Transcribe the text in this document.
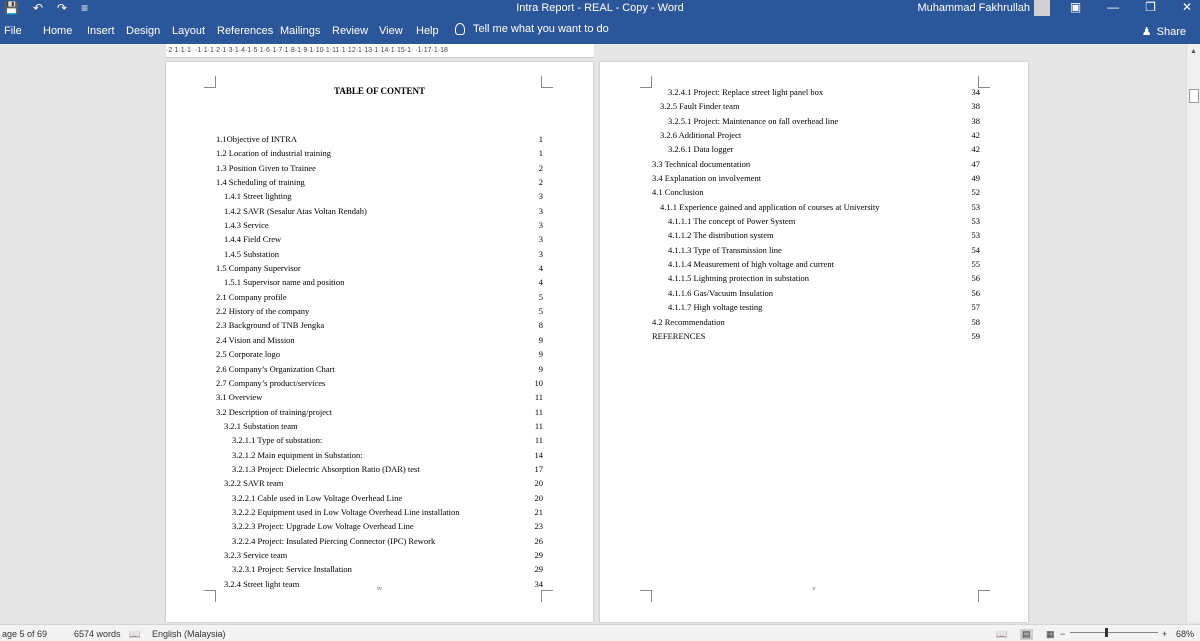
💾 ↶ ↷ ≡	Intra Report - REAL - Copy - Word	Muhammad Fakhrullah	▣ — ❐ ✕
File Home Insert Design Layout References Mailings Review View Help	Tell me what you want to do	♟ Share
·2·1·1·1· ·1·1·1·2·1·3·1·4·1·5·1·6·1·7·1·8·1·9·1·10·1·11·1·12·1·13·1·14·1·15·1· ·1·17·1·18
TABLE OF CONTENT
1.1Objective of INTRA	1
1.2 Location of industrial training	1
1.3 Position Given to Trainee	2
1.4 Scheduling of training	2
1.4.1 Street lighting	3
1.4.2 SAVR (Sesalur Atas Voltan Rendah)	3
1.4.3 Service	3
1.4.4 Field Crew	3
1.4.5 Substation	3
1.5 Company Supervisor	4
1.5.1 Supervisor name and position	4
2.1 Company profile	5
2.2 History of the company	5
2.3 Background of TNB Jengka	8
2.4 Vision and Mission	9
2.5 Corporate logo	9
2.6 Company’s Organization Chart	9
2.7 Company’s product/services	10
3.1 Overview	11
3.2 Description of training/project	11
3.2.1 Substation team	11
3.2.1.1 Type of substation:	11
3.2.1.2 Main equipment in Substation:	14
3.2.1.3 Project: Dielectric Absorption Ratio (DAR) test	17
3.2.2 SAVR team	20
3.2.2.1 Cable used in Low Voltage Overhead Line	20
3.2.2.2 Equipment used in Low Voltage Overhead Line installation	21
3.2.2.3 Project: Upgrade Low Voltage Overhead Line	23
3.2.2.4 Project: Insulated Piercing Connector (IPC) Rework	26
3.2.3 Service team	29
3.2.3.1 Project: Service Installation	29
3.2.4 Street light team	34
iv
3.2.4.1 Project: Replace street light panel box	34
3.2.5 Fault Finder team	38
3.2.5.1 Project: Maintenance on fall overhead line	38
3.2.6 Additional Project	42
3.2.6.1 Data logger	42
3.3 Technical documentation	47
3.4 Explanation on involvement	49
4.1 Conclusion	52
4.1.1 Experience gained and application of courses at University	53
4.1.1.1 The concept of Power System	53
4.1.1.2 The distribution system	53
4.1.1.3 Type of Transmission line	54
4.1.1.4 Measurement of high voltage and current	55
4.1.1.5 Lightning protection in substation	56
4.1.1.6 Gas/Vacuum Insulation	56
4.1.1.7 High voltage testing	57
4.2 Recommendation	58
REFERENCES	59
v
▲
age 5 of 69	6574 words 📖 English (Malaysia)	📖 ▤ ▦ −	+ 68%
